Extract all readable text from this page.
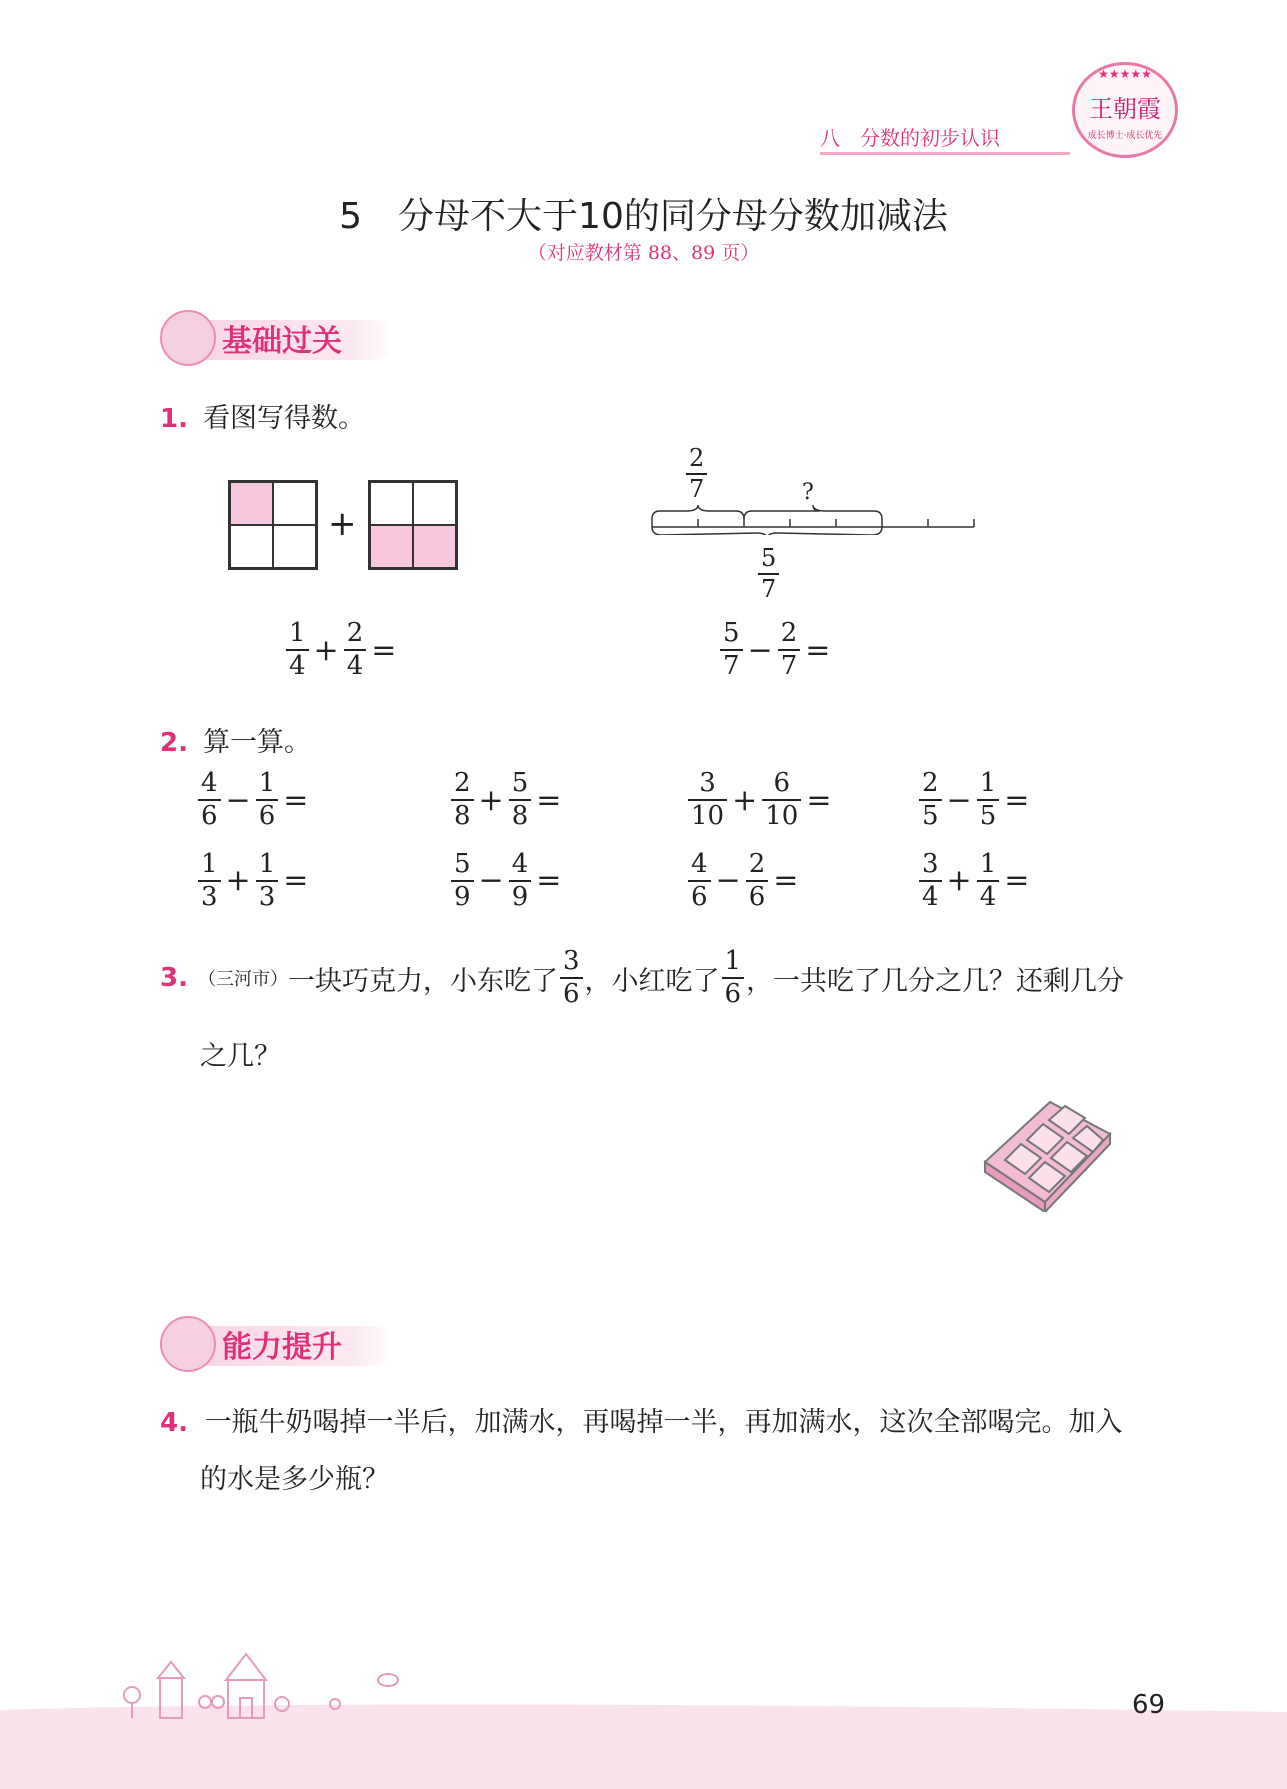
八　分数的初步认识
★★★★★
王朝霞
成长博士·成长优先
5　分母不大于10的同分母分数加减法
（对应教材第 88、89 页）
基础过关
1. 看图写得数。
+
$\frac{2}{7}$	?
$\frac{5}{7}$
$\frac{1}{4} + \frac{2}{4}$ =	$\frac{5}{7} - \frac{2}{7}$ =
2. 算一算。
$\frac{4}{6} - \frac{1}{6}$ =	$\frac{2}{8} + \frac{5}{8}$ =	$\frac{3}{10} + \frac{6}{10}$ =	$\frac{2}{5} - \frac{1}{5}$ =
$\frac{1}{3} + \frac{1}{3}$ =	$\frac{5}{9} - \frac{4}{9}$ =	$\frac{4}{6} - \frac{2}{6}$ =	$\frac{3}{4} + \frac{1}{4}$ =
3. （三河市） 一块巧克力，小东吃了 $\frac{3}{6}$ ，小红吃了 $\frac{1}{6}$ ，一共吃了几分之几？还剩几分
之几？
能力提升
4. 一瓶牛奶喝掉一半后，加满水，再喝掉一半，再加满水，这次全部喝完。加入
的水是多少瓶？
69
